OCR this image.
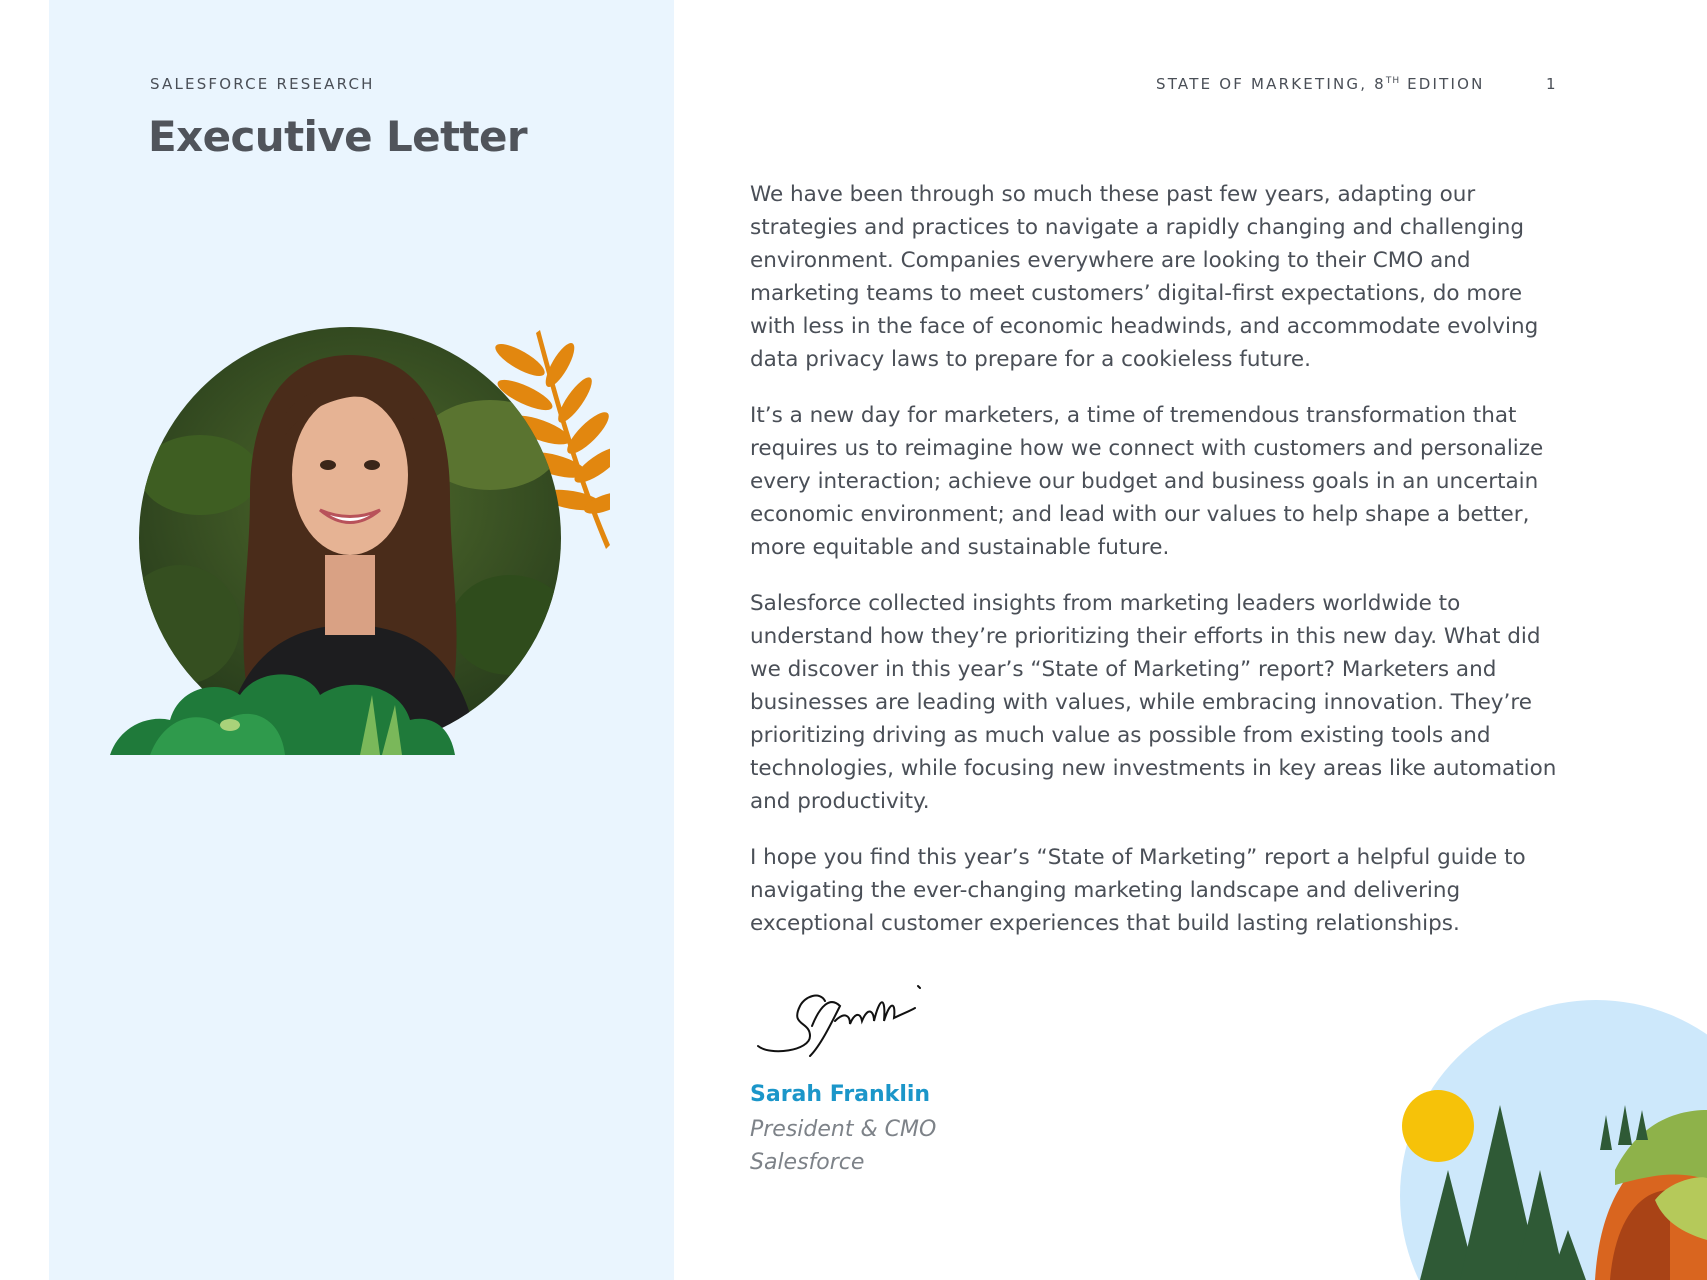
SALESFORCE RESEARCH	STATE OF MARKETING, 8TH EDITION	1
Executive Letter

We have been through so much these past few years, adapting our strategies and practices to navigate a rapidly changing and challenging environment. Companies everywhere are looking to their CMO and marketing teams to meet customers’ digital-first expectations, do more with less in the face of economic headwinds, and accommodate evolving data privacy laws to prepare for a cookieless future.

It’s a new day for marketers, a time of tremendous transformation that requires us to reimagine how we connect with customers and personalize every interaction; achieve our budget and business goals in an uncertain economic environment; and lead with our values to help shape a better, more equitable and sustainable future.

Salesforce collected insights from marketing leaders worldwide to understand how they’re prioritizing their efforts in this new day. What did we discover in this year’s “State of Marketing” report? Marketers and businesses are leading with values, while embracing innovation. They’re prioritizing driving as much value as possible from existing tools and technologies, while focusing new investments in key areas like automation and productivity.

I hope you find this year’s “State of Marketing” report a helpful guide to navigating the ever-changing marketing landscape and delivering exceptional customer experiences that build lasting relationships.

Sarah Franklin
President & CMO
Salesforce
